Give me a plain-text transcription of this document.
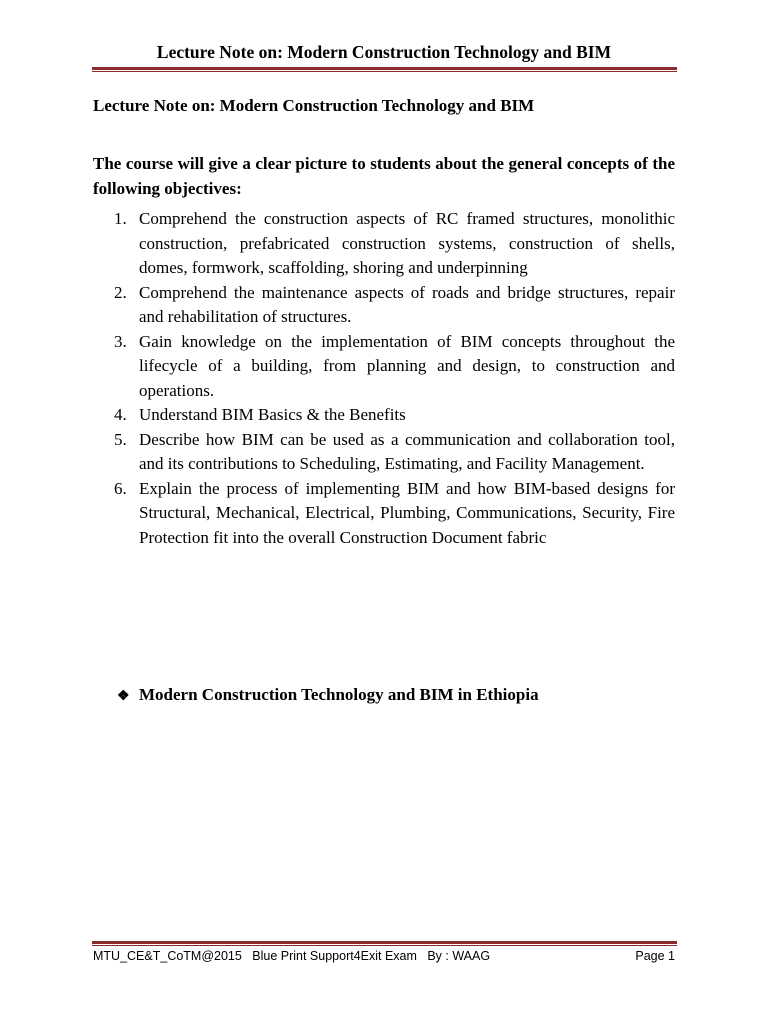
Lecture Note on: Modern Construction Technology and BIM
Lecture Note on: Modern Construction Technology and BIM
The course will give a clear picture to students about the general concepts of the following objectives:
1. Comprehend the construction aspects of RC framed structures, monolithic construction, prefabricated construction systems, construction of shells, domes, formwork, scaffolding, shoring and underpinning
2. Comprehend the maintenance aspects of roads and bridge structures, repair and rehabilitation of structures.
3. Gain knowledge on the implementation of BIM concepts throughout the lifecycle of a building, from planning and design, to construction and operations.
4. Understand BIM Basics & the Benefits
5. Describe how BIM can be used as a communication and collaboration tool, and its contributions to Scheduling, Estimating, and Facility Management.
6. Explain the process of implementing BIM and how BIM-based designs for Structural, Mechanical, Electrical, Plumbing, Communications, Security, Fire Protection fit into the overall Construction Document fabric
❖ Modern Construction Technology and BIM in Ethiopia
MTU_CE&T_CoTM@2015   Blue Print Support4Exit Exam   By : WAAG	Page 1
